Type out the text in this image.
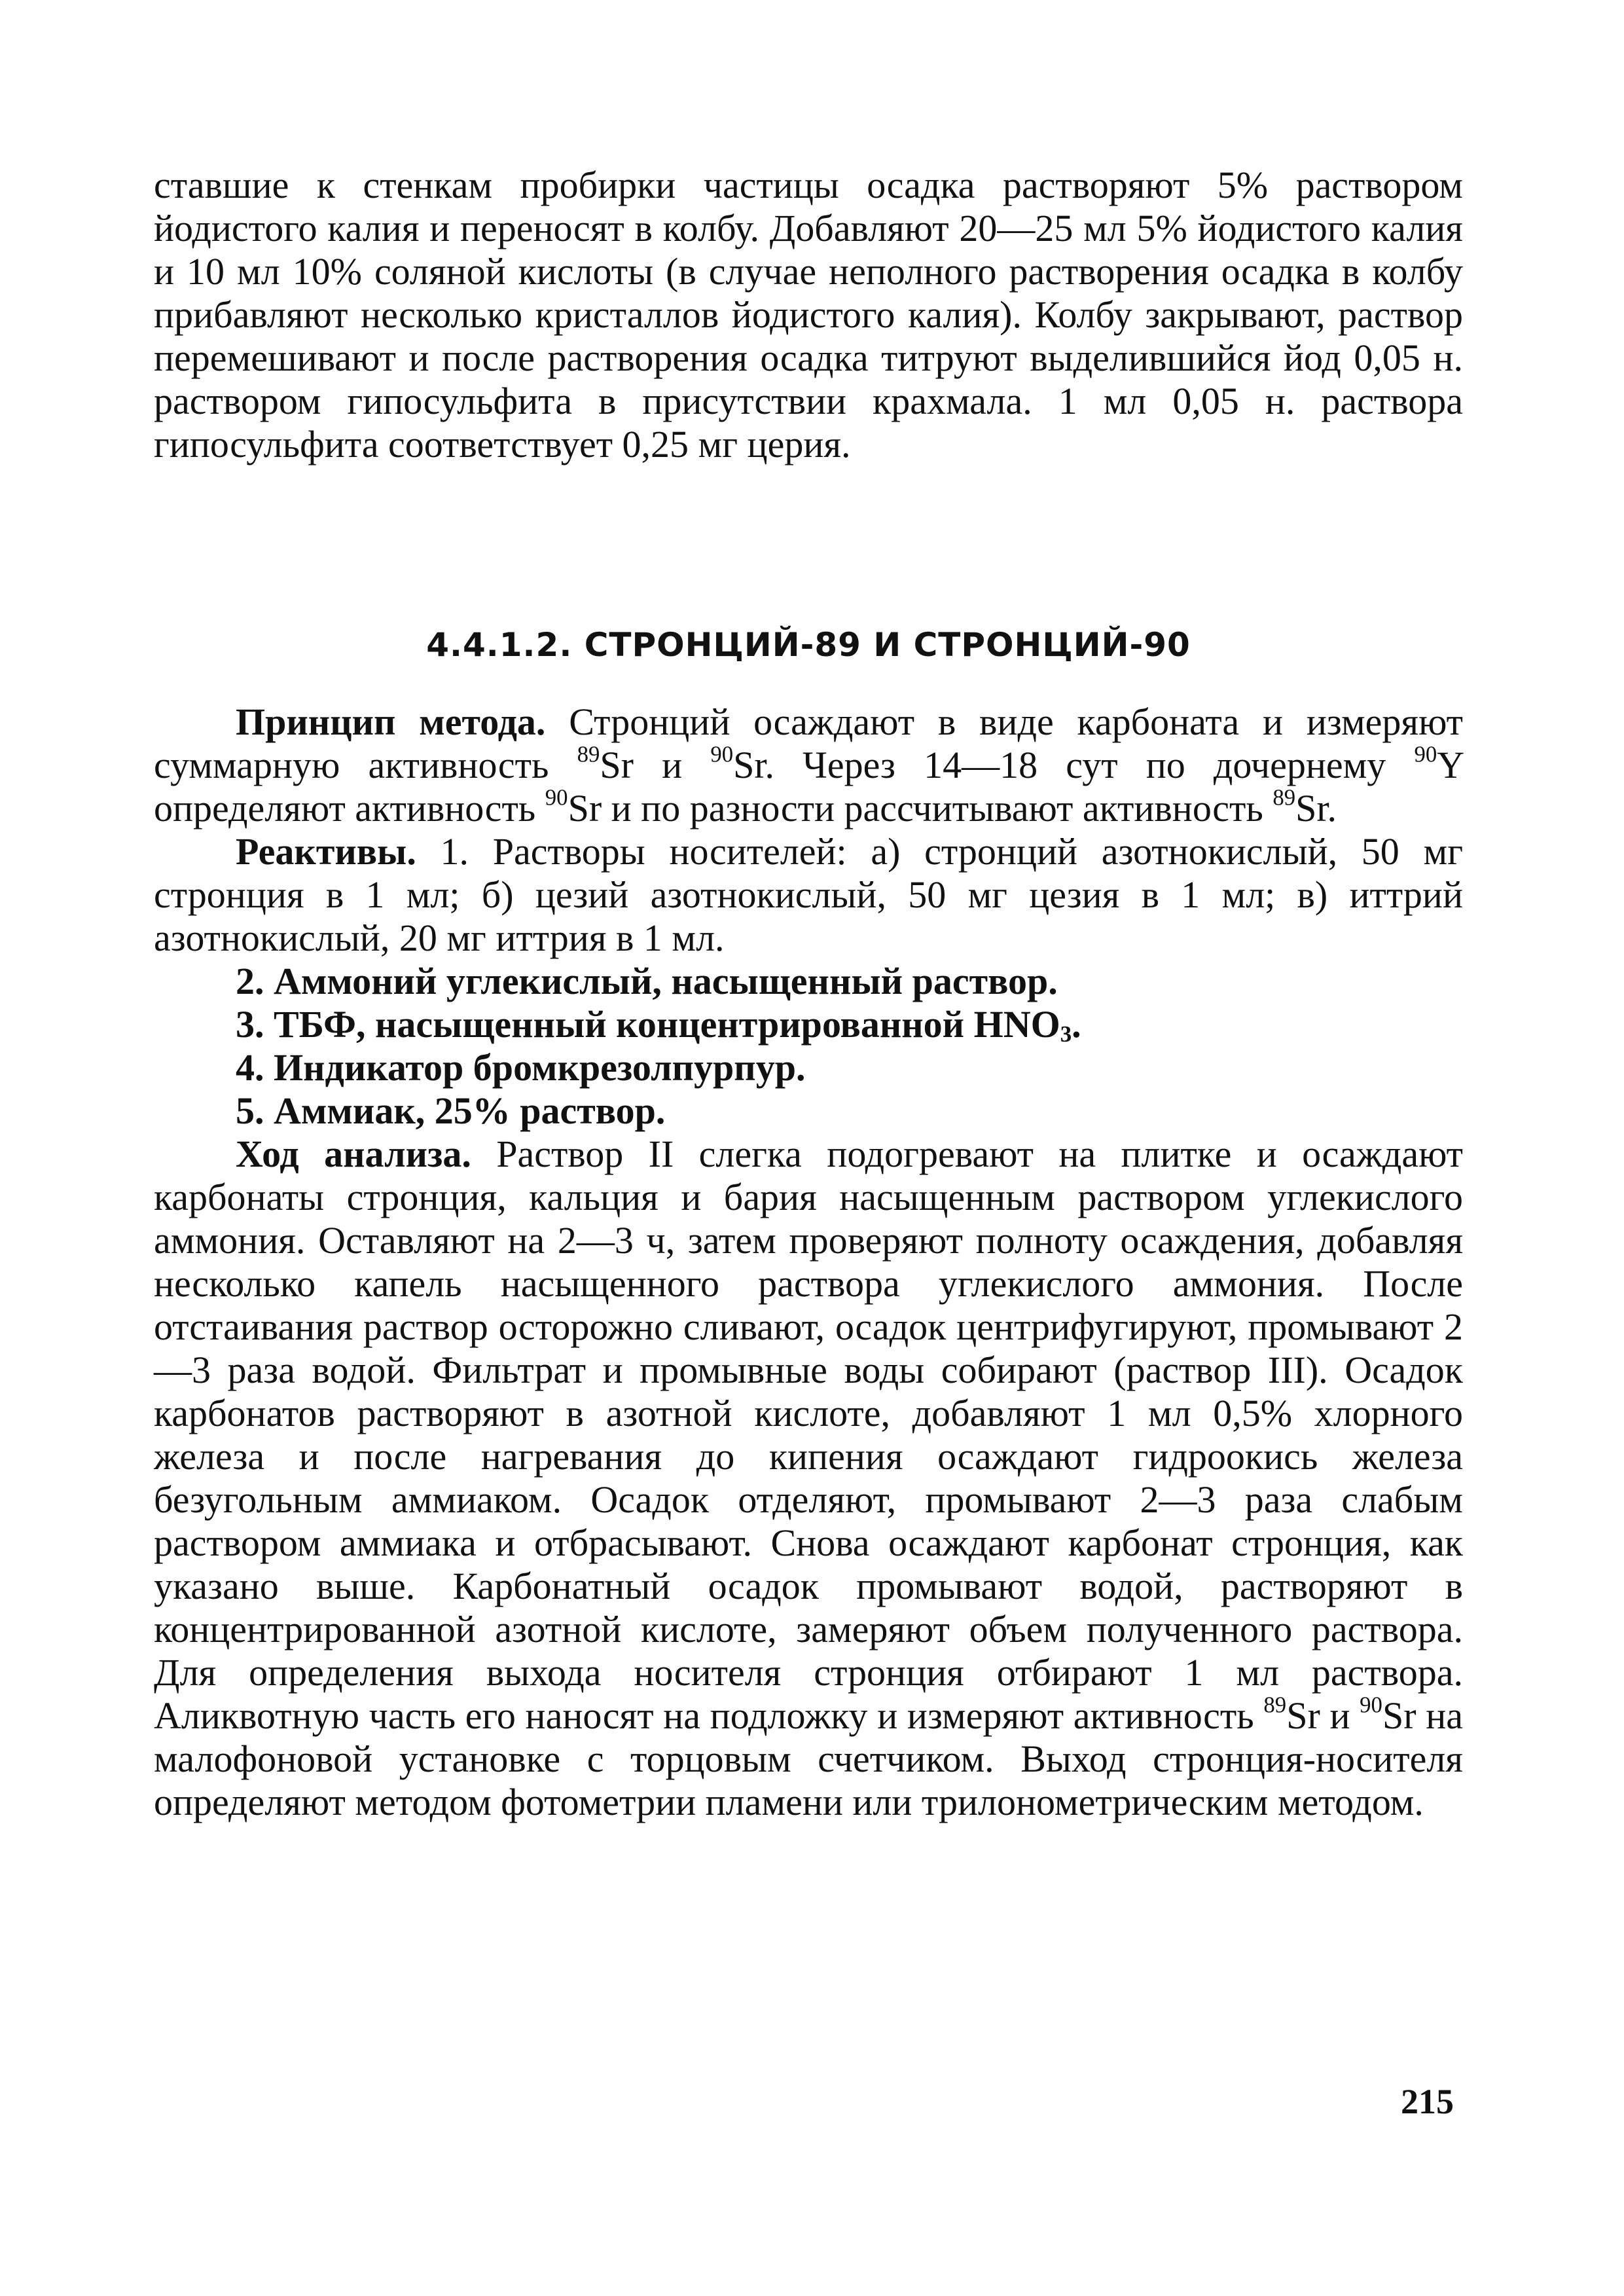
ставшие к стенкам пробирки частицы осадка растворяют 5% раствором йодистого калия и переносят в колбу. Добавляют 20—25 мл 5% йодистого калия и 10 мл 10% соляной кислоты (в случае неполного растворения осадка в колбу прибавляют несколько кристаллов йодистого калия). Колбу закрывают, раствор перемешивают и после растворения осадка титруют выделившийся йод 0,05 н. раствором гипосульфита в присутствии крахмала. 1 мл 0,05 н. раствора гипосульфита соответствует 0,25 мг церия.

4.4.1.2. СТРОНЦИЙ-89 И СТРОНЦИЙ-90

Принцип метода. Стронций осаждают в виде карбоната и измеряют суммарную активность $^{89}$Sr и $^{90}$Sr. Через 14—18 сут по дочернему $^{90}$Y определяют активность $^{90}$Sr и по разности рассчитывают активность $^{89}$Sr.

Реактивы. 1. Растворы носителей: а) стронций азотнокислый, 50 мг стронция в 1 мл; б) цезий азотнокислый, 50 мг цезия в 1 мл; в) иттрий азотнокислый, 20 мг иттрия в 1 мл.

2. Аммоний углекислый, насыщенный раствор.

3. ТБФ, насыщенный концентрированной $HNO_3$.

4. Индикатор бромкрезолпурпур.

5. Аммиак, 25% раствор.

Ход анализа. Раствор II слегка подогревают на плитке и осаждают карбонаты стронция, кальция и бария насыщенным раствором углекислого аммония. Оставляют на 2—3 ч, затем проверяют полноту осаждения, добавляя несколько капель насыщенного раствора углекислого аммония. После отстаивания раствор осторожно сливают, осадок центрифугируют, промывают 2—3 раза водой. Фильтрат и промывные воды собирают (раствор III). Осадок карбонатов растворяют в азотной кислоте, добавляют 1 мл 0,5% хлорного железа и после нагревания до кипения осаждают гидроокись железа безугольным аммиаком. Осадок отделяют, промывают 2—3 раза слабым раствором аммиака и отбрасывают. Снова осаждают карбонат стронция, как указано выше. Карбонатный осадок промывают водой, растворяют в концентрированной азотной кислоте, замеряют объем полученного раствора. Для определения выхода носителя стронция отбирают 1 мл раствора. Аликвотную часть его наносят на подложку и измеряют активность $^{89}$Sr и $^{90}$Sr на малофоновой установке с торцовым счетчиком. Выход стронция-носителя определяют методом фотометрии пламени или трилонометрическим методом.

215
